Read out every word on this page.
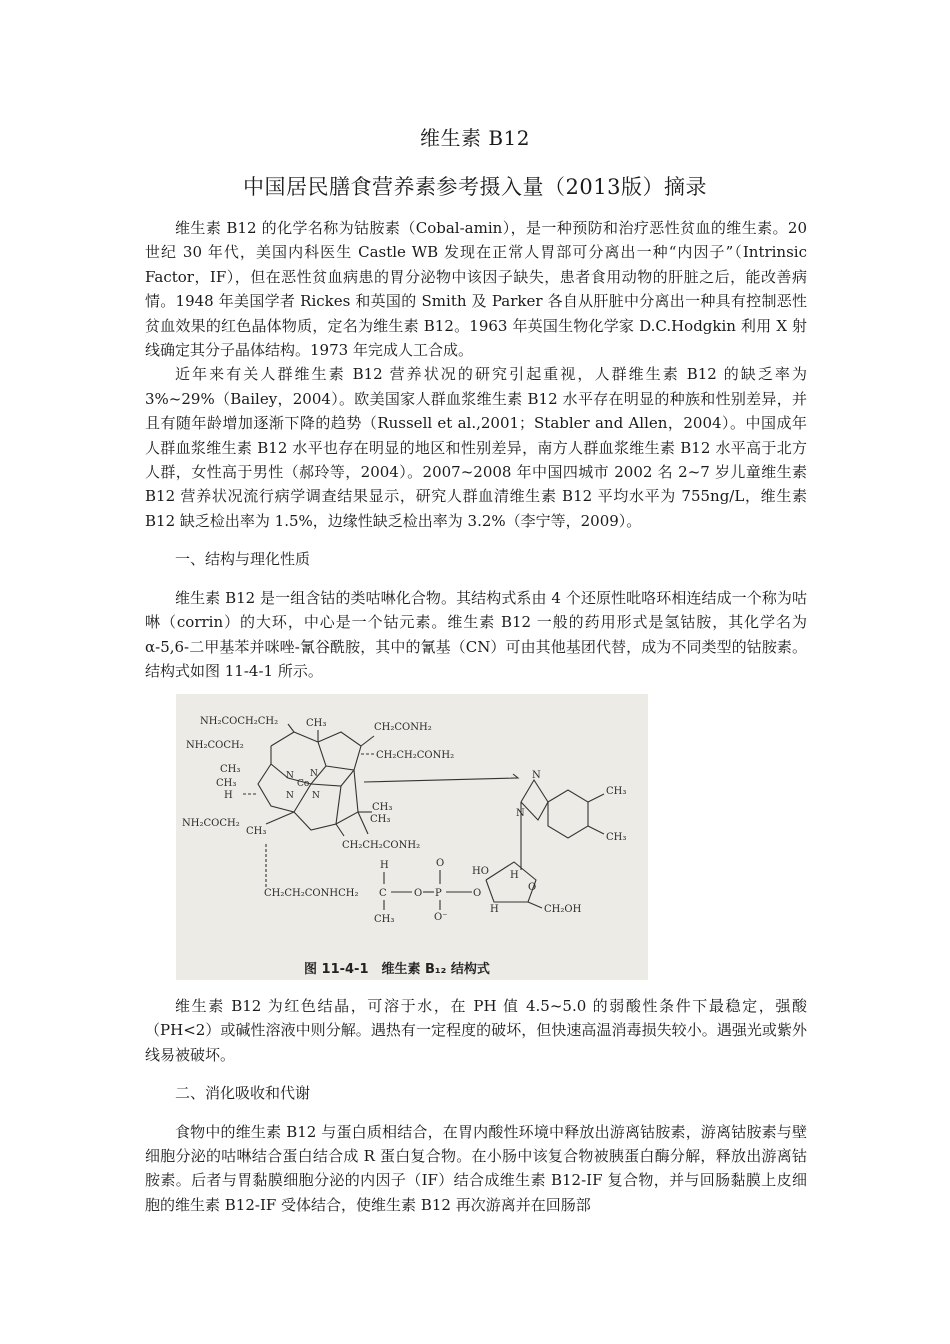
维生素 B12
中国居民膳食营养素参考摄入量（2013版）摘录

维生素 B12 的化学名称为钴胺素（Cobal-amin），是一种预防和治疗恶性贫血的维生素。20 世纪 30 年代，美国内科医生 Castle WB 发现在正常人胃部可分离出一种“内因子”（Intrinsic Factor，IF），但在恶性贫血病患的胃分泌物中该因子缺失，患者食用动物的肝脏之后，能改善病情。1948 年美国学者 Rickes 和英国的 Smith 及 Parker 各自从肝脏中分离出一种具有控制恶性贫血效果的红色晶体物质，定名为维生素 B12。1963 年英国生物化学家 D.C.Hodgkin 利用 X 射线确定其分子晶体结构。1973 年完成人工合成。

近年来有关人群维生素 B12 营养状况的研究引起重视，人群维生素 B12 的缺乏率为 3%~29%（Bailey，2004）。欧美国家人群血浆维生素 B12 水平存在明显的种族和性别差异，并且有随年龄增加逐渐下降的趋势（Russell et al.,2001；Stabler and Allen，2004）。中国成年人群血浆维生素 B12 水平也存在明显的地区和性别差异，南方人群血浆维生素 B12 水平高于北方人群，女性高于男性（郝玲等，2004）。2007~2008 年中国四城市 2002 名 2~7 岁儿童维生素 B12 营养状况流行病学调查结果显示，研究人群血清维生素 B12 平均水平为 755ng/L，维生素 B12 缺乏检出率为 1.5%，边缘性缺乏检出率为 3.2%（李宁等，2009）。

一、结构与理化性质

维生素 B12 是一组含钴的类咕啉化合物。其结构式系由 4 个还原性吡咯环相连结成一个称为咕啉（corrin）的大环，中心是一个钴元素。维生素 B12 一般的药用形式是氢钴胺，其化学名为α-5,6-二甲基苯并咪唑-氰谷酰胺，其中的氰基（CN）可由其他基团代替，成为不同类型的钴胺素。结构式如图 11-4-1 所示。

NH₂COCH₂CH₂	CH₃	CH₂CONH₂
NH₂COCH₂
CH₂CH₂CONH₂
CH₃
CH₃
H
Co
N N
N N
CH₃
NH₂COCH₂	CH₃
CH₃
CH₂CH₂CONH₂
H	O
CH₂CH₂CONHCH₂ C	O P	O
O⁻
CH₃
HO
O
H
H	CH₂OH
N
N
CH₃
CH₃
图 11-4-1　维生素 B₁₂ 结构式

维生素 B12 为红色结晶，可溶于水，在 PH 值 4.5~5.0 的弱酸性条件下最稳定，强酸（PH<2）或碱性溶液中则分解。遇热有一定程度的破坏，但快速高温消毒损失较小。遇强光或紫外线易被破坏。

二、消化吸收和代谢

食物中的维生素 B12 与蛋白质相结合，在胃内酸性环境中释放出游离钴胺素，游离钴胺素与壁细胞分泌的咕啉结合蛋白结合成 R 蛋白复合物。在小肠中该复合物被胰蛋白酶分解，释放出游离钴胺素。后者与胃黏膜细胞分泌的内因子（IF）结合成维生素 B12-IF 复合物，并与回肠黏膜上皮细胞的维生素 B12-IF 受体结合，使维生素 B12 再次游离并在回肠部
